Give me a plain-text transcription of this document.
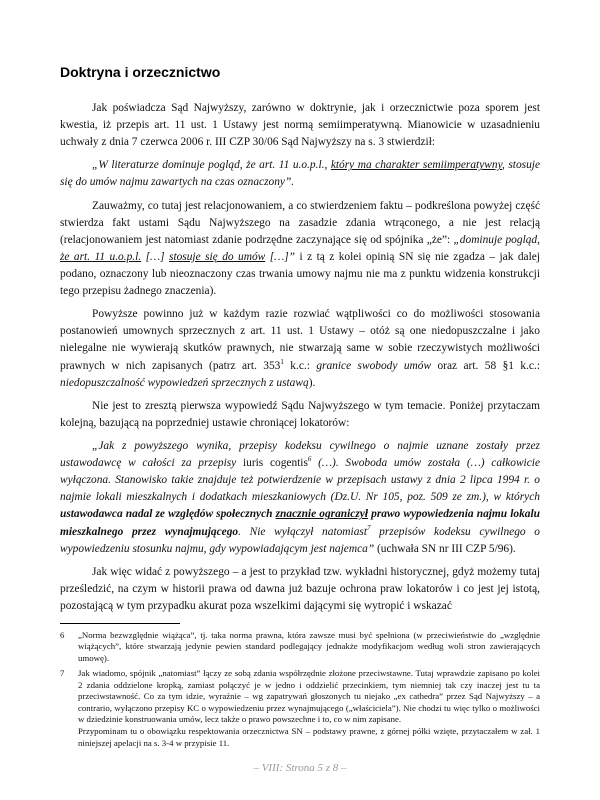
Doktryna i orzecznictwo

Jak poświadcza Sąd Najwyższy, zarówno w doktrynie, jak i orzecznictwie poza sporem jest kwestia, iż przepis art. 11 ust. 1 Ustawy jest normą semiimperatywną. Mianowicie w uzasadnieniu uchwały z dnia 7 czerwca 2006 r. III CZP 30/06 Sąd Najwyższy na s. 3 stwierdził:

„W literaturze dominuje pogląd, że art. 11 u.o.p.l., który ma charakter semiimperatywny, stosuje się do umów najmu zawartych na czas oznaczony”.

Zauważmy, co tutaj jest relacjonowaniem, a co stwierdzeniem faktu – podkreślona powyżej część stwierdza fakt ustami Sądu Najwyższego na zasadzie zdania wtrąconego, a nie jest relacją (relacjonowaniem jest natomiast zdanie podrzędne zaczynające się od spójnika „że”: „dominuje pogląd, że art. 11 u.o.p.l. […] stosuje się do umów […]” i z tą z kolei opinią SN się nie zgadza – jak dalej podano, oznaczony lub nieoznaczony czas trwania umowy najmu nie ma z punktu widzenia konstrukcji tego przepisu żadnego znaczenia).

Powyższe powinno już w każdym razie rozwiać wątpliwości co do możliwości stosowania postanowień umownych sprzecznych z art. 11 ust. 1 Ustawy – otóż są one niedopuszczalne i jako nielegalne nie wywierają skutków prawnych, nie stwarzają same w sobie rzeczywistych możliwości prawnych w nich zapisanych (patrz art. $353^1$ k.c.: granice swobody umów oraz art. 58 §1 k.c.: niedopuszczalność wypowiedzeń sprzecznych z ustawą).

Nie jest to zresztą pierwsza wypowiedź Sądu Najwyższego w tym temacie. Poniżej przytaczam kolejną, bazującą na poprzedniej ustawie chroniącej lokatorów:

„Jak z powyższego wynika, przepisy kodeksu cywilnego o najmie uznane zostały przez ustawodawcę w całości za przepisy iuris cogentis$^6$ (…). Swoboda umów została (…) całkowicie wyłączona. Stanowisko takie znajduje też potwierdzenie w przepisach ustawy z dnia 2 lipca 1994 r. o najmie lokali mieszkalnych i dodatkach mieszkaniowych (Dz.U. Nr 105, poz. 509 ze zm.), w których ustawodawca nadal ze względów społecznych znacznie ograniczył prawo wypowiedzenia najmu lokalu mieszkalnego przez wynajmującego. Nie wyłączył natomiast$^7$ przepisów kodeksu cywilnego o wypowiedzeniu stosunku najmu, gdy wypowiadającym jest najemca” (uchwała SN nr III CZP 5/96).

Jak więc widać z powyższego – a jest to przykład tzw. wykładni historycznej, gdyż możemy tutaj prześledzić, na czym w historii prawa od dawna już bazuje ochrona praw lokatorów i co jest jej istotą, pozostającą w tym przypadku akurat poza wszelkimi dającymi się wytropić i wskazać

6	„Norma bezwzględnie wiążąca”, tj. taka norma prawna, która zawsze musi być spełniona (w przeciwieństwie do „względnie wiążących”, które stwarzają jedynie pewien standard podlegający jednakże modyfikacjom według woli stron zawierających umowę).
7	Jak wiadomo, spójnik „natomiast” łączy ze sobą zdania współrzędnie złożone przeciwstawne. Tutaj wprawdzie zapisano po kolei 2 zdania oddzielone kropką, zamiast połączyć je w jedno i oddzielić przecinkiem, tym niemniej tak czy inaczej jest tu ta przeciwstawność. Co za tym idzie, wyraźnie – wg zapatrywań głoszonych tu niejako „ex cathedra” przez Sąd Najwyższy – a contrario, wyłączono przepisy KC o wypowiedzeniu przez wynajmującego („właściciela”). Nie chodzi tu więc tylko o możliwości w dziedzinie konstruowania umów, lecz także o prawo powszechne i to, co w nim zapisane.
Przypominam tu o obowiązku respektowania orzecznictwa SN – podstawy prawne, z górnej półki wzięte, przytaczałem w zał. 1 niniejszej apelacji na s. 3-4 w przypisie 11.
– VIII: Strona 5 z 8 –
